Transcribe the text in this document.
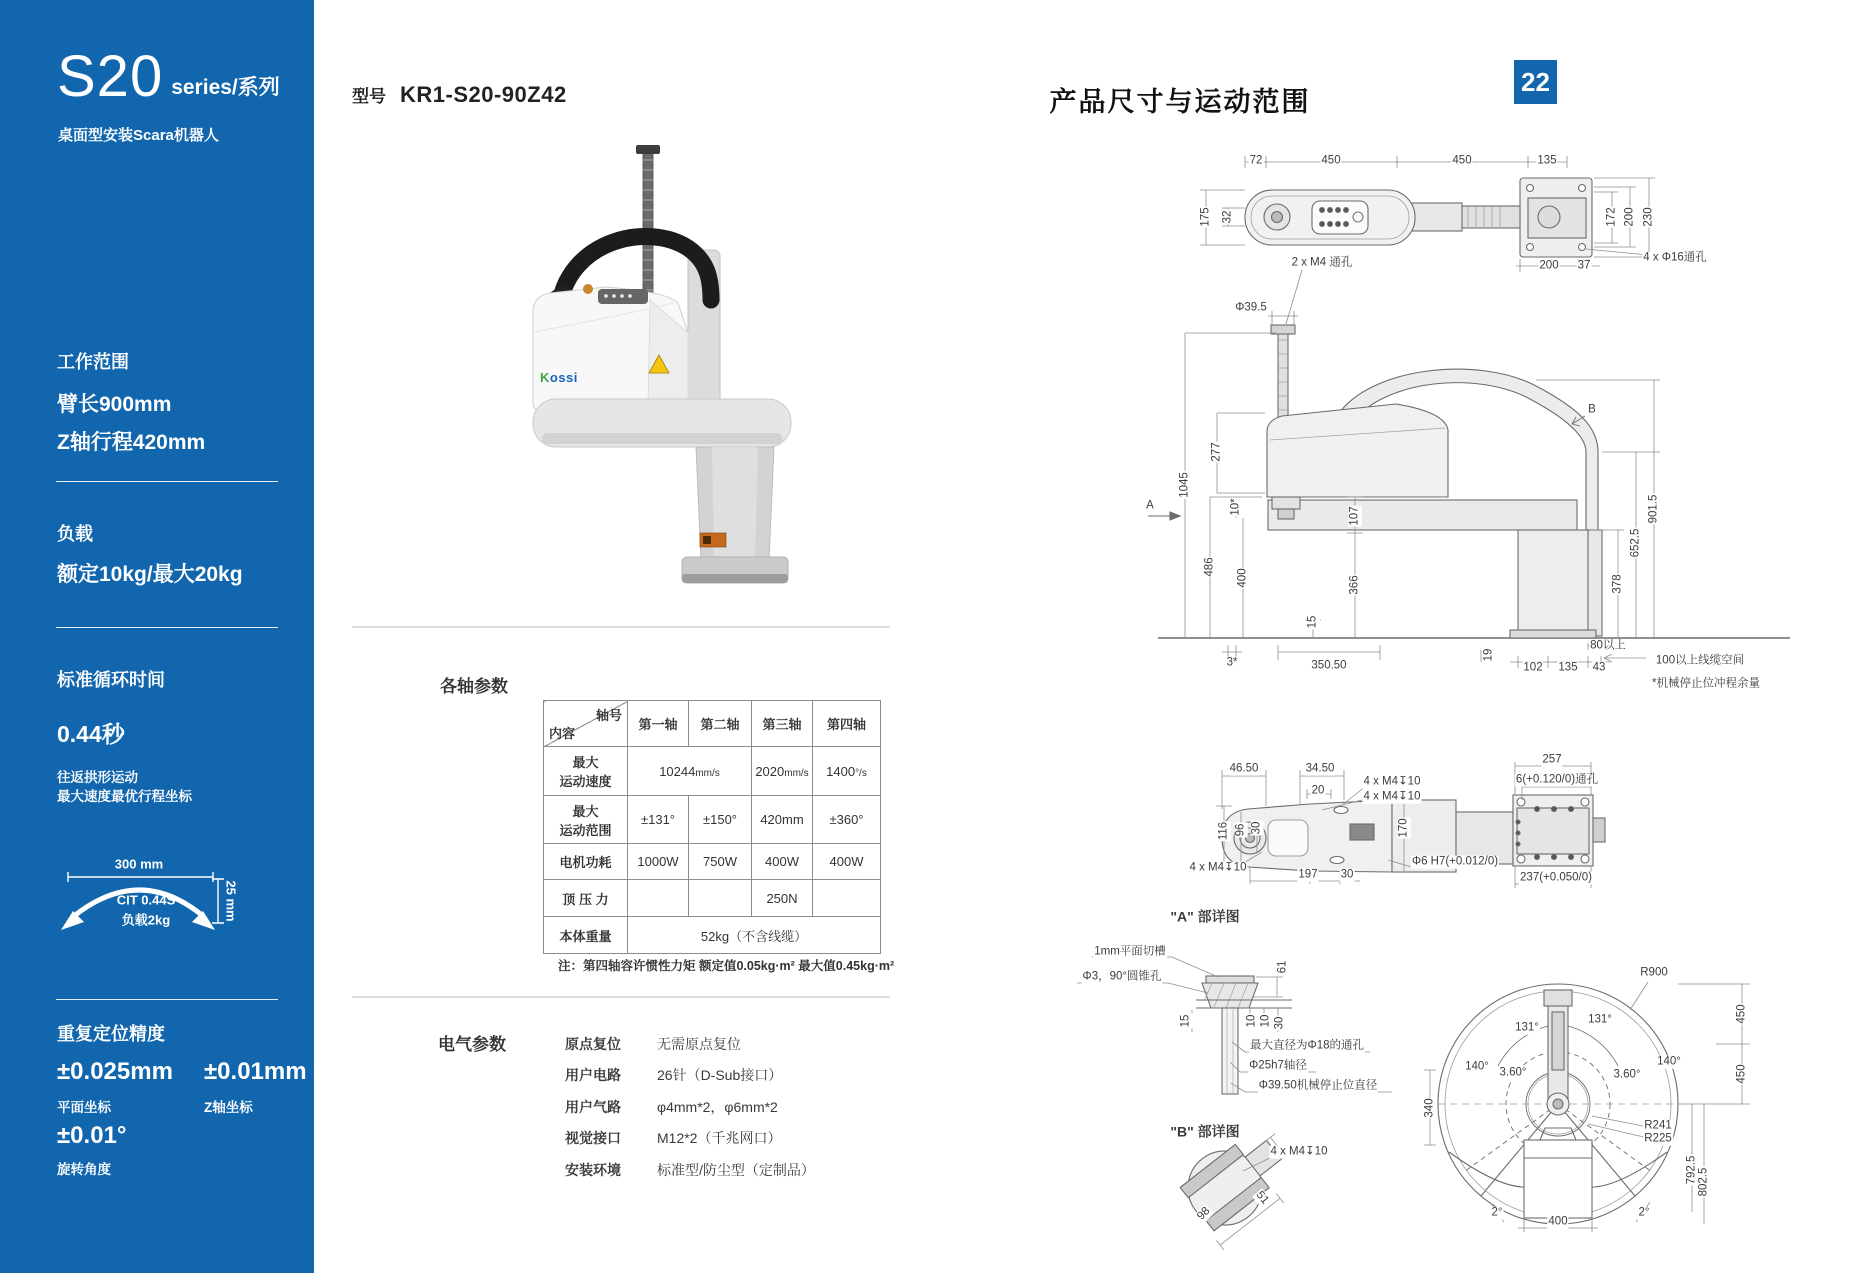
S20 series/系列
桌面型安装Scara机器人
工作范围
臂长900mm
Z轴行程420mm
负载
额定10kg/最大20kg
标准循环时间
0.44秒
往返拱形运动
最大速度最优行程坐标
300 mm
CIT 0.44S
负载2kg	25 mm
重复定位精度
±0.025mm ±0.01mm
平面坐标	Z轴坐标
±0.01°
旋转角度
型号 KR1-S20-90Z42
Kossi
各轴参数
轴号
内容	第一轴	第二轴	第三轴	第四轴
最大
运动速度	10244mm/s		2020mm/s	1400°/s
最大
运动范围	±131°	±150°	420mm	±360°
电机功耗	1000W	750W	400W	400W
顶 压 力			250N	
本体重量	52kg（不含线缆）			
注：第四轴容许惯性力矩 额定值0.05kg·m² 最大值0.45kg·m²
电气参数	原点复位	无需原点复位
用户电路	26针（D-Sub接口）
用户气路	φ4mm*2，φ6mm*2
视觉接口	M12*2（千兆网口）
安装环境	标准型/防尘型（定制品）
产品尺寸与运动范围
22
72	450	450	135
175 32	172 200 230
4 x Φ16通孔
200 37
2 x M4 通孔
Φ39.5
1045
277
A	10*
486
400
107
366
15
3*	350.50
901.5
652.5
378
80以上
19
102 135 43
100以上线缆空间
*机械停止位冲程余量
B
46.50	34.50
20
4 x M4↧10
4 x M4↧10
116 96 30	170
4 x M4↧10
197 30
Φ6 H7(+0.012/0)
257
6(+0.120/0)通孔
237(+0.050/0)
"A" 部详图
1mm平面切槽
Φ3，90°圆锥孔
61
15	10 10 30
最大直径为Φ18的通孔
Φ25h7轴径
Φ39.50机械停止位直径
"B" 部详图
4 x M4↧10
98
51
R900
131°
131°
140°	140°
3.60°	3.60°
340
R241
R225
792.5 802.5
400
2°	2°
450
450
